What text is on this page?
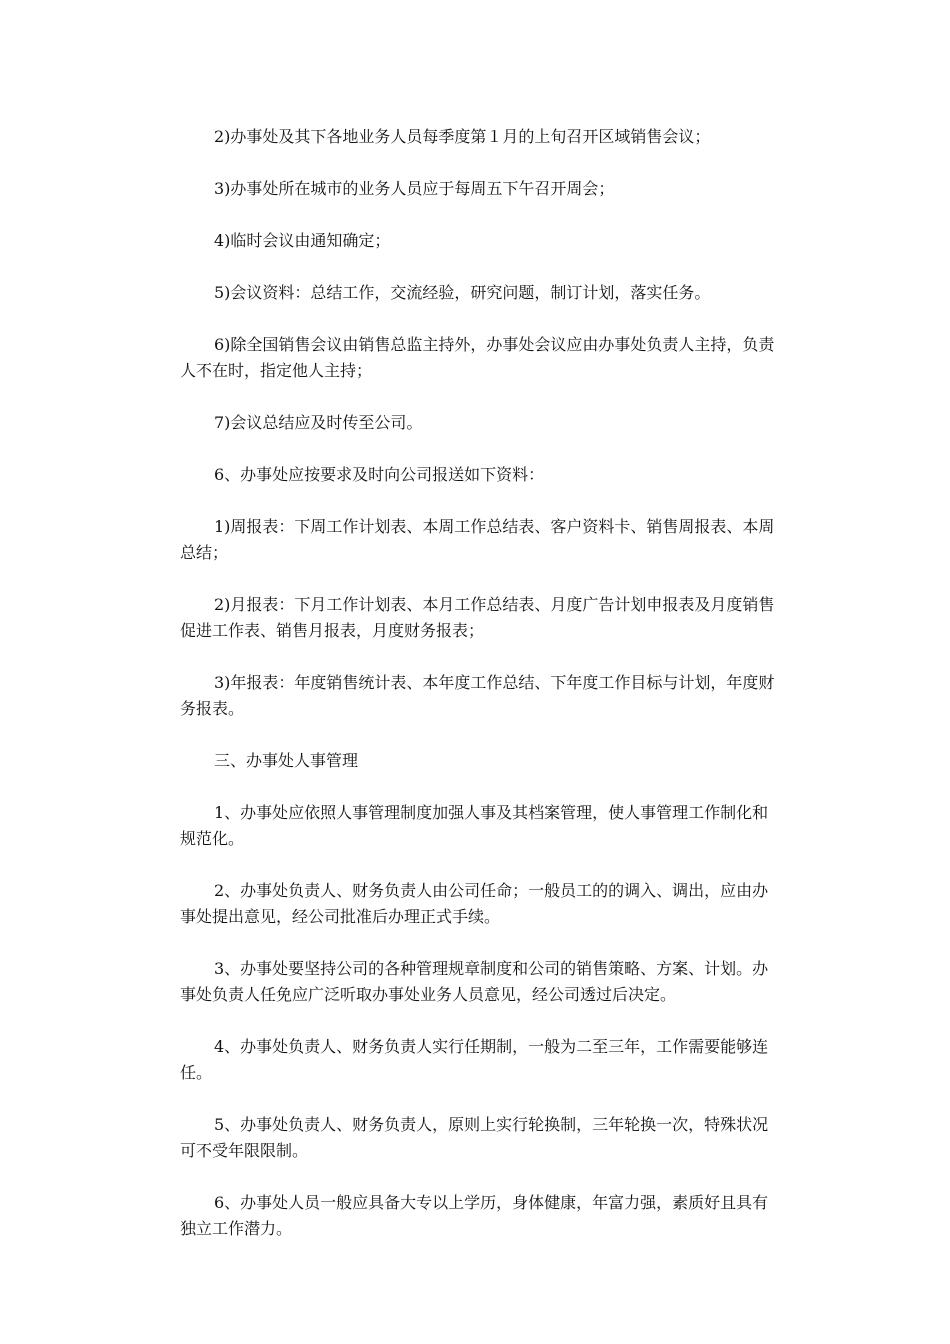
2)办事处及其下各地业务人员每季度第１月的上旬召开区域销售会议；

3)办事处所在城市的业务人员应于每周五下午召开周会；

4)临时会议由通知确定；

5)会议资料：总结工作，交流经验，研究问题，制订计划，落实任务。

6)除全国销售会议由销售总监主持外，办事处会议应由办事处负责人主持，负责人不在时，指定他人主持；

7)会议总结应及时传至公司。

6、办事处应按要求及时向公司报送如下资料：

1)周报表：下周工作计划表、本周工作总结表、客户资料卡、销售周报表、本周总结；

2)月报表：下月工作计划表、本月工作总结表、月度广告计划申报表及月度销售促进工作表、销售月报表，月度财务报表；

3)年报表：年度销售统计表、本年度工作总结、下年度工作目标与计划，年度财务报表。

三、办事处人事管理

1、办事处应依照人事管理制度加强人事及其档案管理，使人事管理工作制化和规范化。

2、办事处负责人、财务负责人由公司任命；一般员工的的调入、调出，应由办事处提出意见，经公司批准后办理正式手续。

3、办事处要坚持公司的各种管理规章制度和公司的销售策略、方案、计划。办事处负责人任免应广泛听取办事处业务人员意见，经公司透过后决定。

4、办事处负责人、财务负责人实行任期制，一般为二至三年，工作需要能够连任。

5、办事处负责人、财务负责人，原则上实行轮换制，三年轮换一次，特殊状况可不受年限限制。

6、办事处人员一般应具备大专以上学历，身体健康，年富力强，素质好且具有独立工作潜力。
